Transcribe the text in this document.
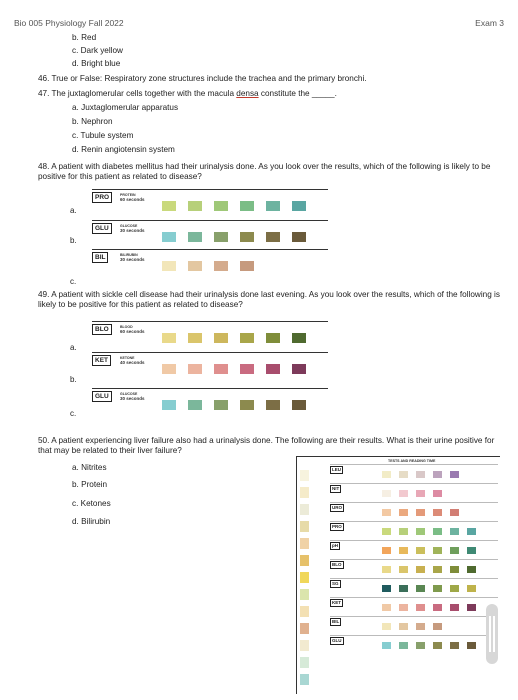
Bio 005 Physiology Fall 2022	Exam 3
b. Red
c. Dark yellow
d. Bright blue
46. True or False: Respiratory zone structures include the trachea and the primary bronchi.
47. The juxtaglomerular cells together with the macula densa constitute the _____.
a. Juxtaglomerular apparatus
b. Nephron
c. Tubule system
d. Renin angiotensin system
48. A patient with diabetes mellitus had their urinalysis done. As you look over the results, which of the following is likely to be positive for this patient as related to disease?
a.
b.
c.
PRO	PROTEIN
60 seconds
GLU	GLUCOSE
30 seconds
BIL	BILIRUBIN
30 seconds
49. A patient with sickle cell disease had their urinalysis done last evening. As you look over the results, which of the following is likely to be positive for this patient as related to disease?
a.
b.
c.
BLO	BLOOD
60 seconds
KET	KETONE
40 seconds
GLU	GLUCOSE
30 seconds
50. A patient experiencing liver failure also had a urinalysis done. The following are their results. What is their urine positive for that may be related to their liver failure?
a. Nitrites
b. Protein
c. Ketones
d. Bilirubin
TESTS AND READING TIME
LEU
NIT
URO
PRO
pH
BLO
SG
KET
BIL
GLU
